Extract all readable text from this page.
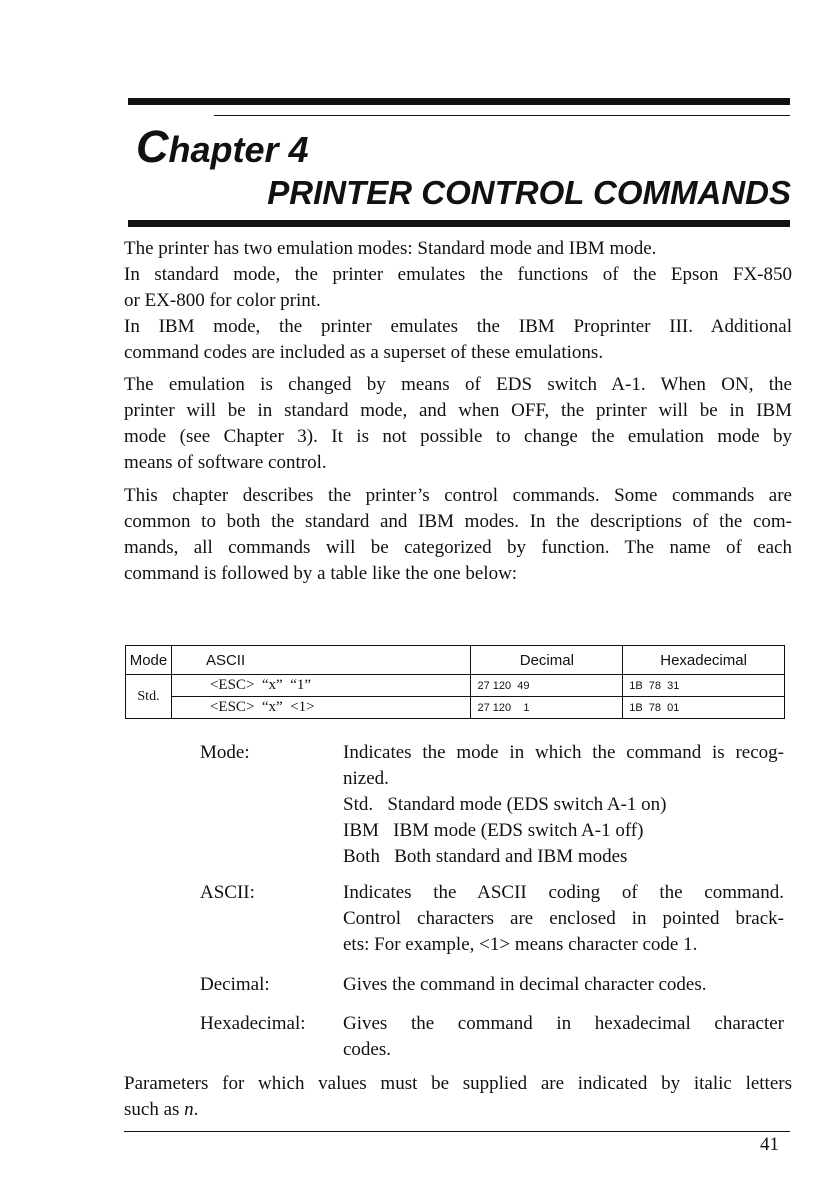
Chapter 4
PRINTER CONTROL COMMANDS
The printer has two emulation modes: Standard mode and IBM mode.
In standard mode, the printer emulates the functions of the Epson FX-850
or EX-800 for color print.
In IBM mode, the printer emulates the IBM Proprinter III. Additional
command codes are included as a superset of these emulations.
The emulation is changed by means of EDS switch A-1. When ON, the
printer will be in standard mode, and when OFF, the printer will be in IBM
mode (see Chapter 3). It is not possible to change the emulation mode by
means of software control.
This chapter describes the printer’s control commands. Some commands are
common to both the standard and IBM modes. In the descriptions of the com-
mands, all commands will be categorized by function. The name of each
command is followed by a table like the one below:
Mode	ASCII	Decimal	Hexadecimal
Std.	<ESC>  “x”  “1”	27 120  49	1B  78  31
	<ESC>  “x”  <1>	27 120    1	1B  78  01
Mode:	Indicates the mode in which the command is recog-
nized.
Std.   Standard mode (EDS switch A-1 on)
IBM   IBM mode (EDS switch A-1 off)
Both   Both standard and IBM modes
ASCII:	Indicates the ASCII coding of the command.
Control characters are enclosed in pointed brack-
ets: For example, <1> means character code 1.
Decimal:	Gives the command in decimal character codes.
Hexadecimal: Gives the command in hexadecimal character
codes.
Parameters for which values must be supplied are indicated by italic letters
such as n.
41
